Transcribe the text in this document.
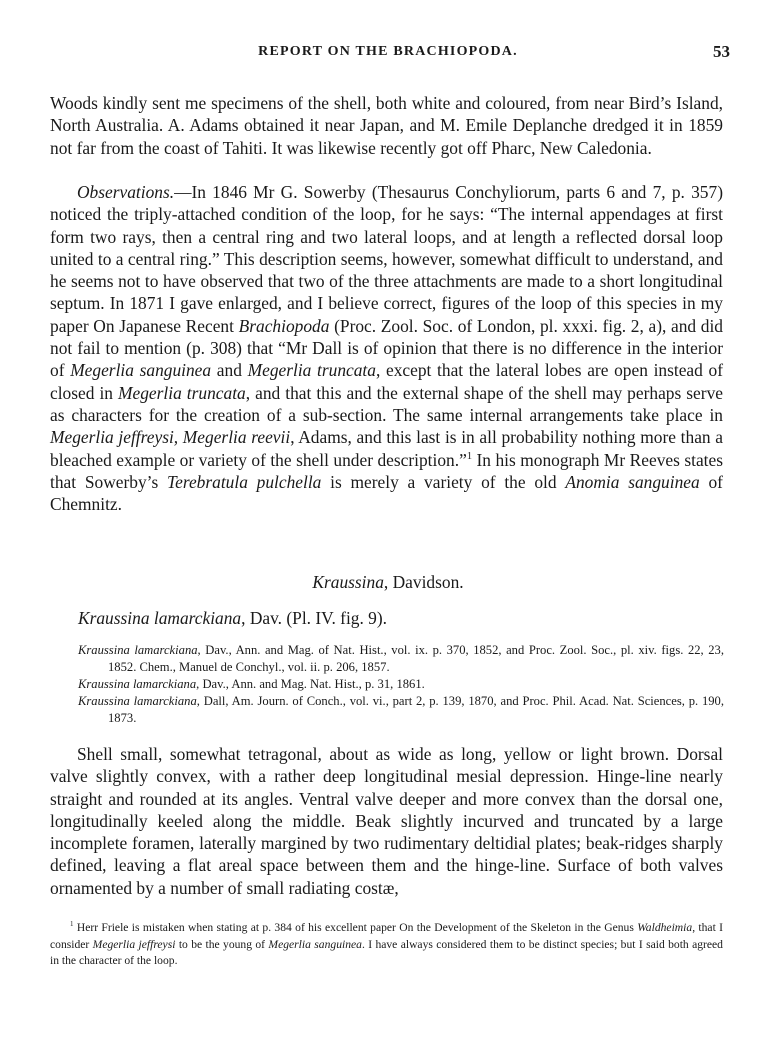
REPORT ON THE BRACHIOPODA.	53

Woods kindly sent me specimens of the shell, both white and coloured, from near Bird’s Island, North Australia. A. Adams obtained it near Japan, and M. Emile Deplanche dredged it in 1859 not far from the coast of Tahiti. It was likewise recently got off Pharc, New Caledonia.

Observations.—In 1846 Mr G. Sowerby (Thesaurus Conchyliorum, parts 6 and 7, p. 357) noticed the triply-attached condition of the loop, for he says: “The internal appendages at first form two rays, then a central ring and two lateral loops, and at length a reflected dorsal loop united to a central ring.” This description seems, however, somewhat difficult to understand, and he seems not to have observed that two of the three attachments are made to a short longitudinal septum. In 1871 I gave enlarged, and I believe correct, figures of the loop of this species in my paper On Japanese Recent Brachiopoda (Proc. Zool. Soc. of London, pl. xxxi. fig. 2, a), and did not fail to mention (p. 308) that “Mr Dall is of opinion that there is no difference in the interior of Megerlia sanguinea and Megerlia truncata, except that the lateral lobes are open instead of closed in Megerlia truncata, and that this and the external shape of the shell may perhaps serve as characters for the creation of a sub-section. The same internal arrangements take place in Megerlia jeffreysi, Megerlia reevii, Adams, and this last is in all probability nothing more than a bleached example or variety of the shell under description.”$^1$ In his monograph Mr Reeves states that Sowerby’s Terebratula pulchella is merely a variety of the old Anomia sanguinea of Chemnitz.

Kraussina, Davidson.
Kraussina lamarckiana, Dav. (Pl. IV. fig. 9).

Kraussina lamarckiana, Dav., Ann. and Mag. of Nat. Hist., vol. ix. p. 370, 1852, and Proc. Zool. Soc., pl. xiv. figs. 22, 23, 1852. Chem., Manuel de Conchyl., vol. ii. p. 206, 1857.

Kraussina lamarckiana, Dav., Ann. and Mag. Nat. Hist., p. 31, 1861.

Kraussina lamarckiana, Dall, Am. Journ. of Conch., vol. vi., part 2, p. 139, 1870, and Proc. Phil. Acad. Nat. Sciences, p. 190, 1873.

Shell small, somewhat tetragonal, about as wide as long, yellow or light brown. Dorsal valve slightly convex, with a rather deep longitudinal mesial depression. Hinge-line nearly straight and rounded at its angles. Ventral valve deeper and more convex than the dorsal one, longitudinally keeled along the middle. Beak slightly incurved and truncated by a large incomplete foramen, laterally margined by two rudimentary deltidial plates; beak-ridges sharply defined, leaving a flat areal space between them and the hinge-line. Surface of both valves ornamented by a number of small radiating costæ,

$^1$ Herr Friele is mistaken when stating at p. 384 of his excellent paper On the Development of the Skeleton in the Genus Waldheimia, that I consider Megerlia jeffreysi to be the young of Megerlia sanguinea. I have always considered them to be distinct species; but I said both agreed in the character of the loop.
